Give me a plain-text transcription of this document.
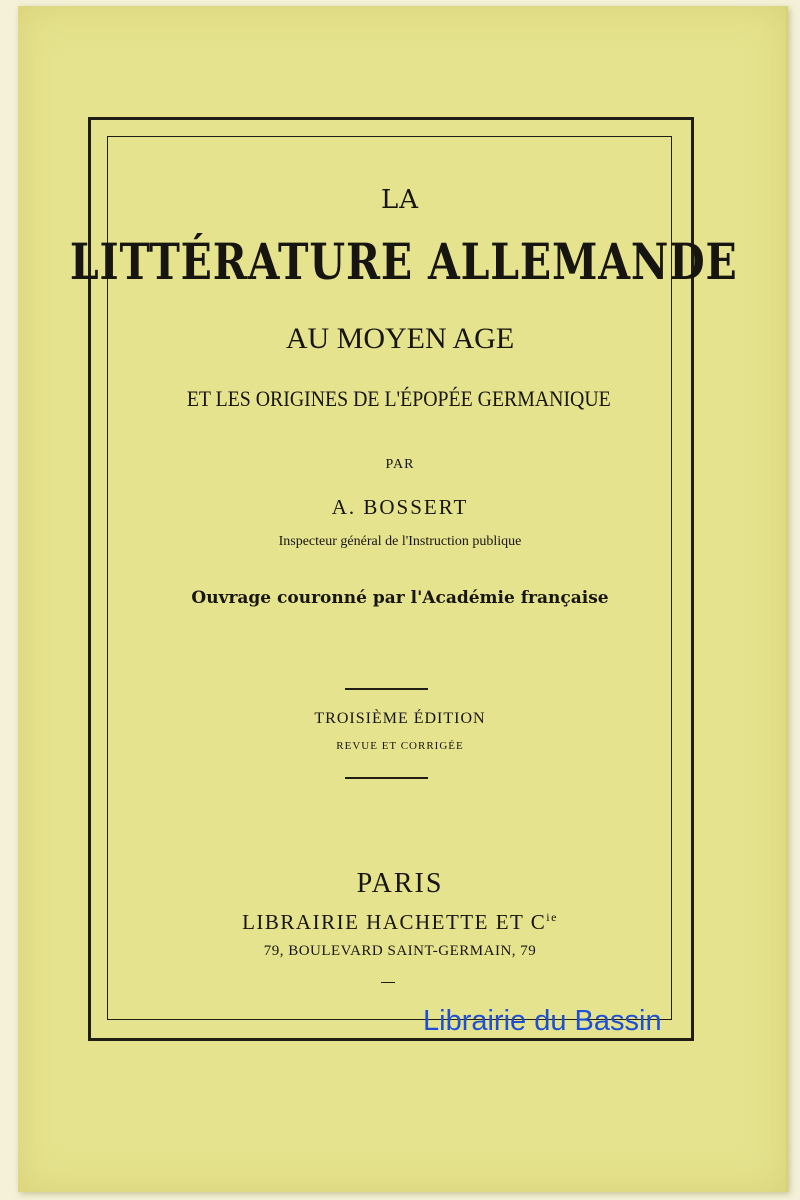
LA
LITTÉRATURE ALLEMANDE
AU MOYEN AGE
ET LES ORIGINES DE L'ÉPOPÉE GERMANIQUE
PAR
A. BOSSERT
Inspecteur général de l'Instruction publique
Ouvrage couronné par l'Académie française
TROISIÈME ÉDITION
REVUE ET CORRIGÉE
PARIS
LIBRAIRIE HACHETTE ET $C^{ie}$
79, BOULEVARD SAINT-GERMAIN, 79
Librairie du Bassin
